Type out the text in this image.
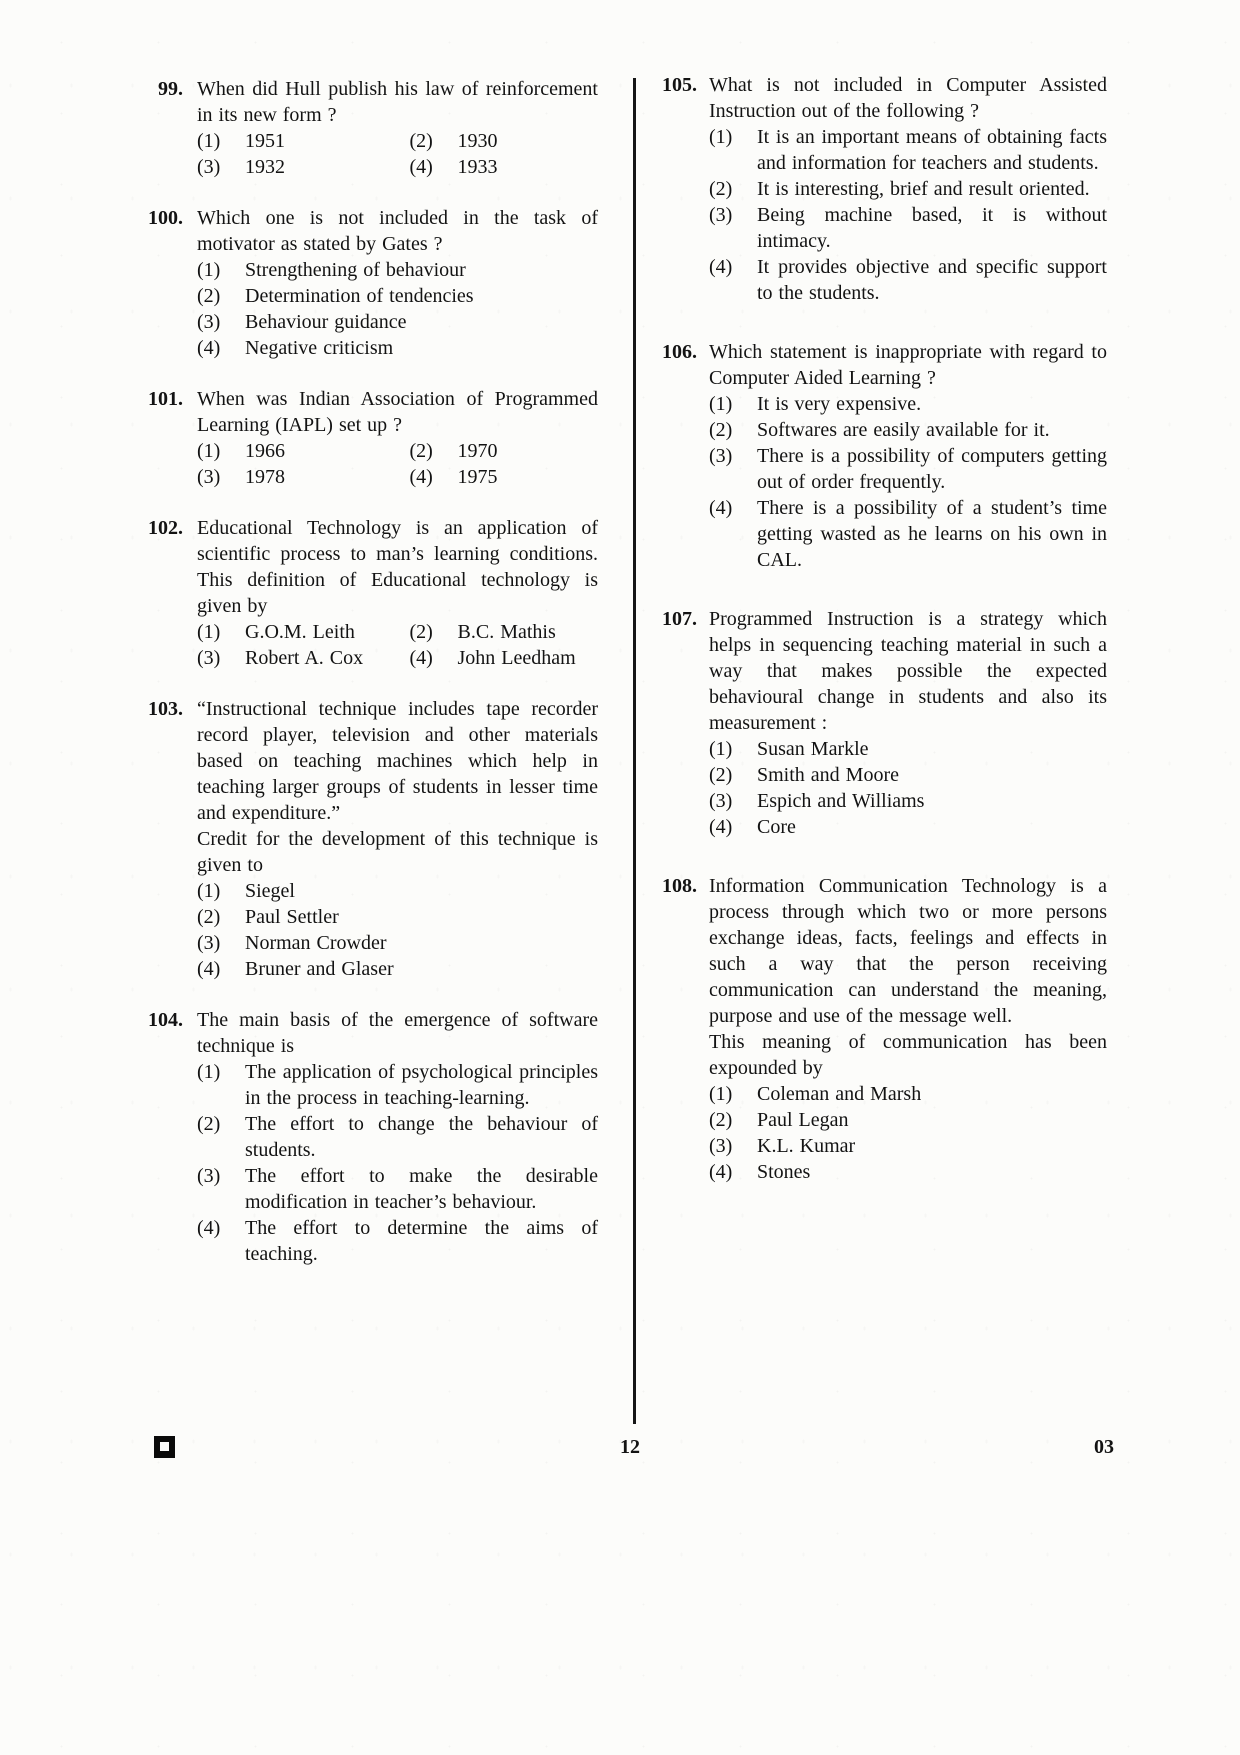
99. When did Hull publish his law of reinforcement in its new form ?
(1)	1951	(2)	1930
(3)	1932	(4)	1933
100. Which one is not included in the task of motivator as stated by Gates ?
(1)	Strengthening of behaviour
(2)	Determination of tendencies
(3)	Behaviour guidance
(4)	Negative criticism
101. When was Indian Association of Programmed Learning (IAPL) set up ?
(1)	1966	(2)	1970
(3)	1978	(4)	1975
102. Educational Technology is an application of scientific process to man’s learning conditions. This definition of Educational technology is given by
(1)	G.O.M. Leith	(2)	B.C. Mathis
(3)	Robert A. Cox	(4)	John Leedham
103. “Instructional technique includes tape recorder record player, television and other materials based on teaching machines which help in teaching larger groups of students in lesser time and expenditure.”
Credit for the development of this technique is given to
(1)	Siegel
(2)	Paul Settler
(3)	Norman Crowder
(4)	Bruner and Glaser
104. The main basis of the emergence of software technique is
(1)	The application of psychological principles in the process in teaching-learning.
(2)	The effort to change the behaviour of students.
(3)	The effort to make the desirable modification in teacher’s behaviour.
(4)	The effort to determine the aims of teaching.
105. What is not included in Computer Assisted Instruction out of the following ?
(1)	It is an important means of obtaining facts and information for teachers and students.
(2)	It is interesting, brief and result oriented.
(3)	Being machine based, it is without intimacy.
(4)	It provides objective and specific support to the students.
106. Which statement is inappropriate with regard to Computer Aided Learning ?
(1)	It is very expensive.
(2)	Softwares are easily available for it.
(3)	There is a possibility of computers getting out of order frequently.
(4)	There is a possibility of a student’s time getting wasted as he learns on his own in CAL.
107. Programmed Instruction is a strategy which helps in sequencing teaching material in such a way that makes possible the expected behavioural change in students and also its measurement :
(1)	Susan Markle
(2)	Smith and Moore
(3)	Espich and Williams
(4)	Core
108. Information Communication Technology is a process through which two or more persons exchange ideas, facts, feelings and effects in such a way that the person receiving communication can understand the meaning, purpose and use of the message well.
This meaning of communication has been expounded by
(1)	Coleman and Marsh
(2)	Paul Legan
(3)	K.L. Kumar
(4)	Stones
12	03
